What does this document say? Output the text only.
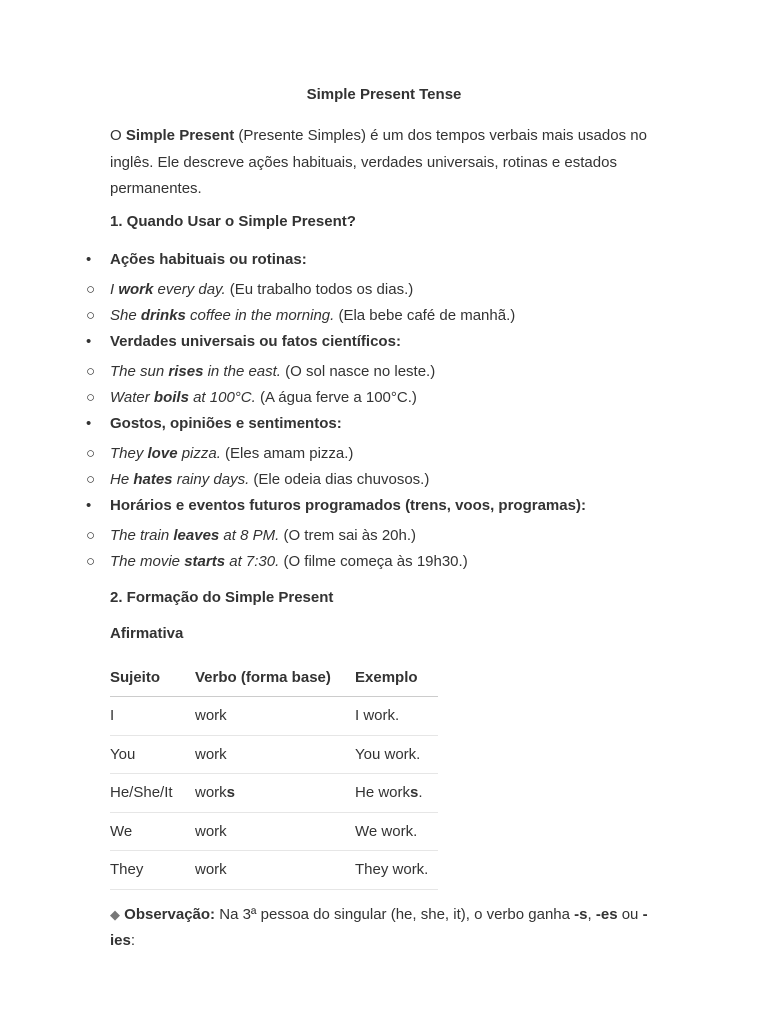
Simple Present Tense
O Simple Present (Presente Simples) é um dos tempos verbais mais usados no inglês. Ele descreve ações habituais, verdades universais, rotinas e estados permanentes.
1. Quando Usar o Simple Present?
• Ações habituais ou rotinas:
○ I work every day. (Eu trabalho todos os dias.)
○ She drinks coffee in the morning. (Ela bebe café de manhã.)
• Verdades universais ou fatos científicos:
○ The sun rises in the east. (O sol nasce no leste.)
○ Water boils at 100°C. (A água ferve a 100°C.)
• Gostos, opiniões e sentimentos:
○ They love pizza. (Eles amam pizza.)
○ He hates rainy days. (Ele odeia dias chuvosos.)
• Horários e eventos futuros programados (trens, voos, programas):
○ The train leaves at 8 PM. (O trem sai às 20h.)
○ The movie starts at 7:30. (O filme começa às 19h30.)
2. Formação do Simple Present
Afirmativa
Sujeito	Verbo (forma base)	Exemplo
I	work	I work.
You	work	You work.
He/She/It	works	He works.
We	work	We work.
They	work	They work.
◆ Observação: Na 3ª pessoa do singular (he, she, it), o verbo ganha -s, -es ou -ies:
